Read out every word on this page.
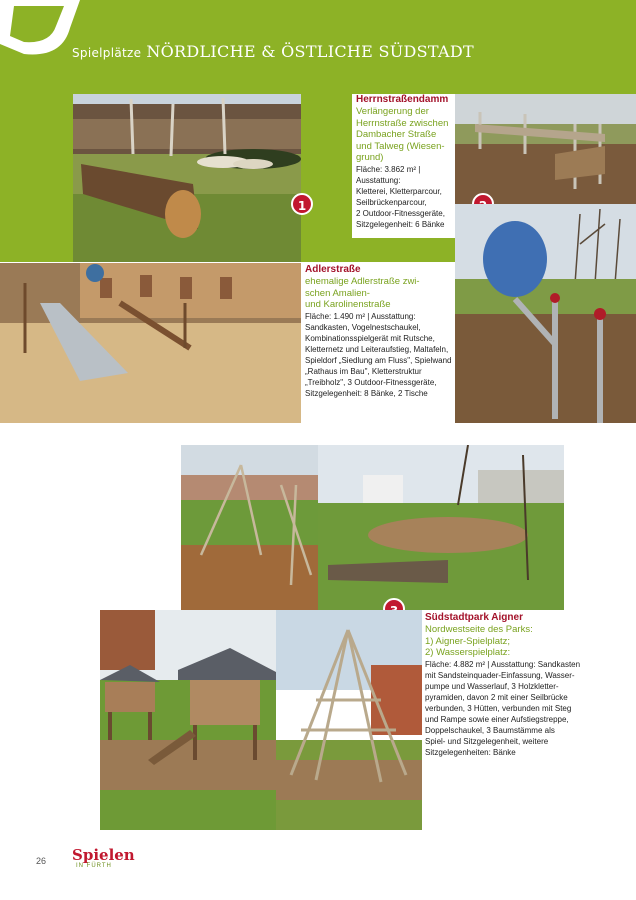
Spielplätze NÖRDLICHE & ÖSTLICHE SÜDSTADT
1
Herrnstraßendamm
Verlängerung der
Herrnstraße zwischen
Dambacher Straße
und Talweg (Wiesen-
grund)
Fläche: 3.862 m² | Ausstattung:
Kletterei, Kletterparcour,
Seilbrückenparcour,
2 Outdoor-Fitnessgeräte,
Sitzgelegenheit: 6 Bänke
Adlerstraße
ehemalige Adlerstraße zwi-
schen Amalien-
und Karolinenstraße
Fläche: 1.490 m² | Ausstattung:
Sandkasten, Vogelnestschaukel,
Kombinationsspielgerät mit Rutsche,
Kletternetz und Leiteraufstieg, Maltafeln,
Spieldorf „Siedlung am Fluss", Spielwand
„Rathaus im Bau", Kletterstruktur
„Treibholz", 3 Outdoor-Fitnessgeräte,
Sitzgelegenheit: 8 Bänke, 2 Tische
Südstadtpark Aigner
Nordwestseite des Parks:
1) Aigner-Spielplatz;
2) Wasserspielplatz:
Fläche: 4.882 m² | Ausstattung: Sandkasten
mit Sandsteinquader-Einfassung, Wasser-
pumpe und Wasserlauf, 3 Holzkletter-
pyramiden, davon 2 mit einer Seilbrücke
verbunden, 3 Hütten, verbunden mit Steg
und Rampe sowie einer Aufstiegstreppe,
Doppelschaukel, 3 Baumstämme als
Spiel- und Sitzgelegenheit, weitere
Sitzgelegenheiten: Bänke
26 Spielen
IN FÜRTH
